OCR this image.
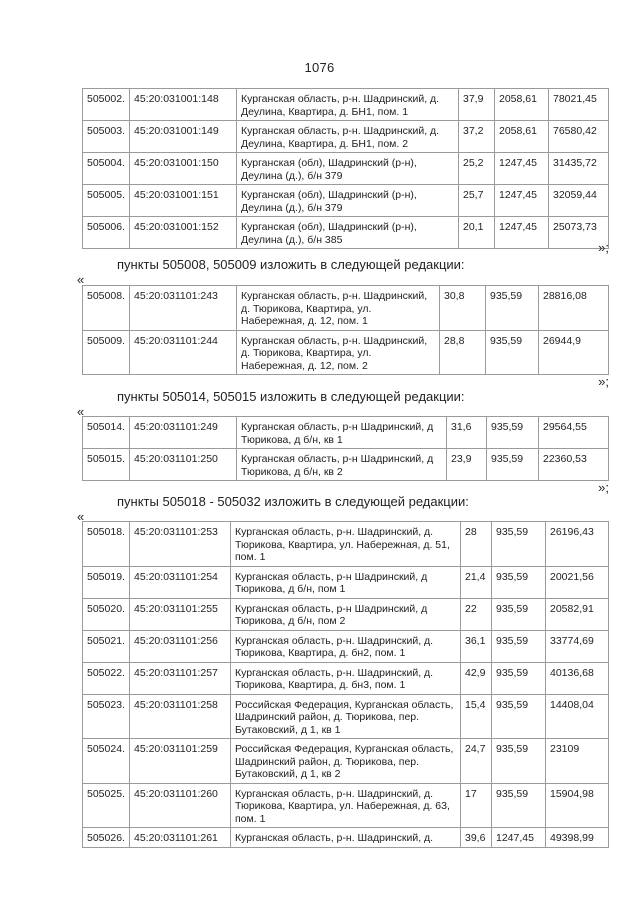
1076
505002.	45:20:031001:148	Курганская область, р-н. Шадринский, д. Деулина, Квартира, д. БН1, пом. 1	37,9	2058,61	78021,45
505003.	45:20:031001:149	Курганская область, р-н. Шадринский, д. Деулина, Квартира, д. БН1, пом. 2	37,2	2058,61	76580,42
505004.	45:20:031001:150	Курганская (обл), Шадринский (р-н), Деулина (д.), б/н 379	25,2	1247,45	31435,72
505005.	45:20:031001:151	Курганская (обл), Шадринский (р-н), Деулина (д.), б/н 379	25,7	1247,45	32059,44
505006.	45:20:031001:152	Курганская (обл), Шадринский (р-н), Деулина (д.), б/н 385	20,1	1247,45	25073,73
»;
пункты 505008, 505009 изложить в следующей редакции:
«
505008.	45:20:031101:243	Курганская область, р-н. Шадринский, д. Тюрикова, Квартира, ул. Набережная, д. 12, пом. 1	30,8	935,59	28816,08
505009.	45:20:031101:244	Курганская область, р-н. Шадринский, д. Тюрикова, Квартира, ул. Набережная, д. 12, пом. 2	28,8	935,59	26944,9
»;
пункты 505014, 505015 изложить в следующей редакции:
«
505014.	45:20:031101:249	Курганская область, р-н Шадринский, д Тюрикова, д б/н, кв 1	31,6	935,59	29564,55
505015.	45:20:031101:250	Курганская область, р-н Шадринский, д Тюрикова, д б/н, кв 2	23,9	935,59	22360,53
»;
пункты 505018 - 505032 изложить в следующей редакции:
«
505018.	45:20:031101:253	Курганская область, р-н. Шадринский, д. Тюрикова, Квартира, ул. Набережная, д. 51, пом. 1	28	935,59	26196,43
505019.	45:20:031101:254	Курганская область, р-н Шадринский, д Тюрикова, д б/н, пом 1	21,4	935,59	20021,56
505020.	45:20:031101:255	Курганская область, р-н Шадринский, д Тюрикова, д б/н, пом 2	22	935,59	20582,91
505021.	45:20:031101:256	Курганская область, р-н. Шадринский, д. Тюрикова, Квартира, д. бн2, пом. 1	36,1	935,59	33774,69
505022.	45:20:031101:257	Курганская область, р-н. Шадринский, д. Тюрикова, Квартира, д. бн3, пом. 1	42,9	935,59	40136,68
505023.	45:20:031101:258	Российская Федерация, Курганская область, Шадринский район, д. Тюрикова, пер. Бутаковский, д 1, кв 1	15,4	935,59	14408,04
505024.	45:20:031101:259	Российская Федерация, Курганская область, Шадринский район, д. Тюрикова, пер. Бутаковский, д 1, кв 2	24,7	935,59	23109
505025.	45:20:031101:260	Курганская область, р-н. Шадринский, д. Тюрикова, Квартира, ул. Набережная, д. 63, пом. 1	17	935,59	15904,98
505026.	45:20:031101:261	Курганская область, р-н. Шадринский, д.	39,6	1247,45	49398,99
